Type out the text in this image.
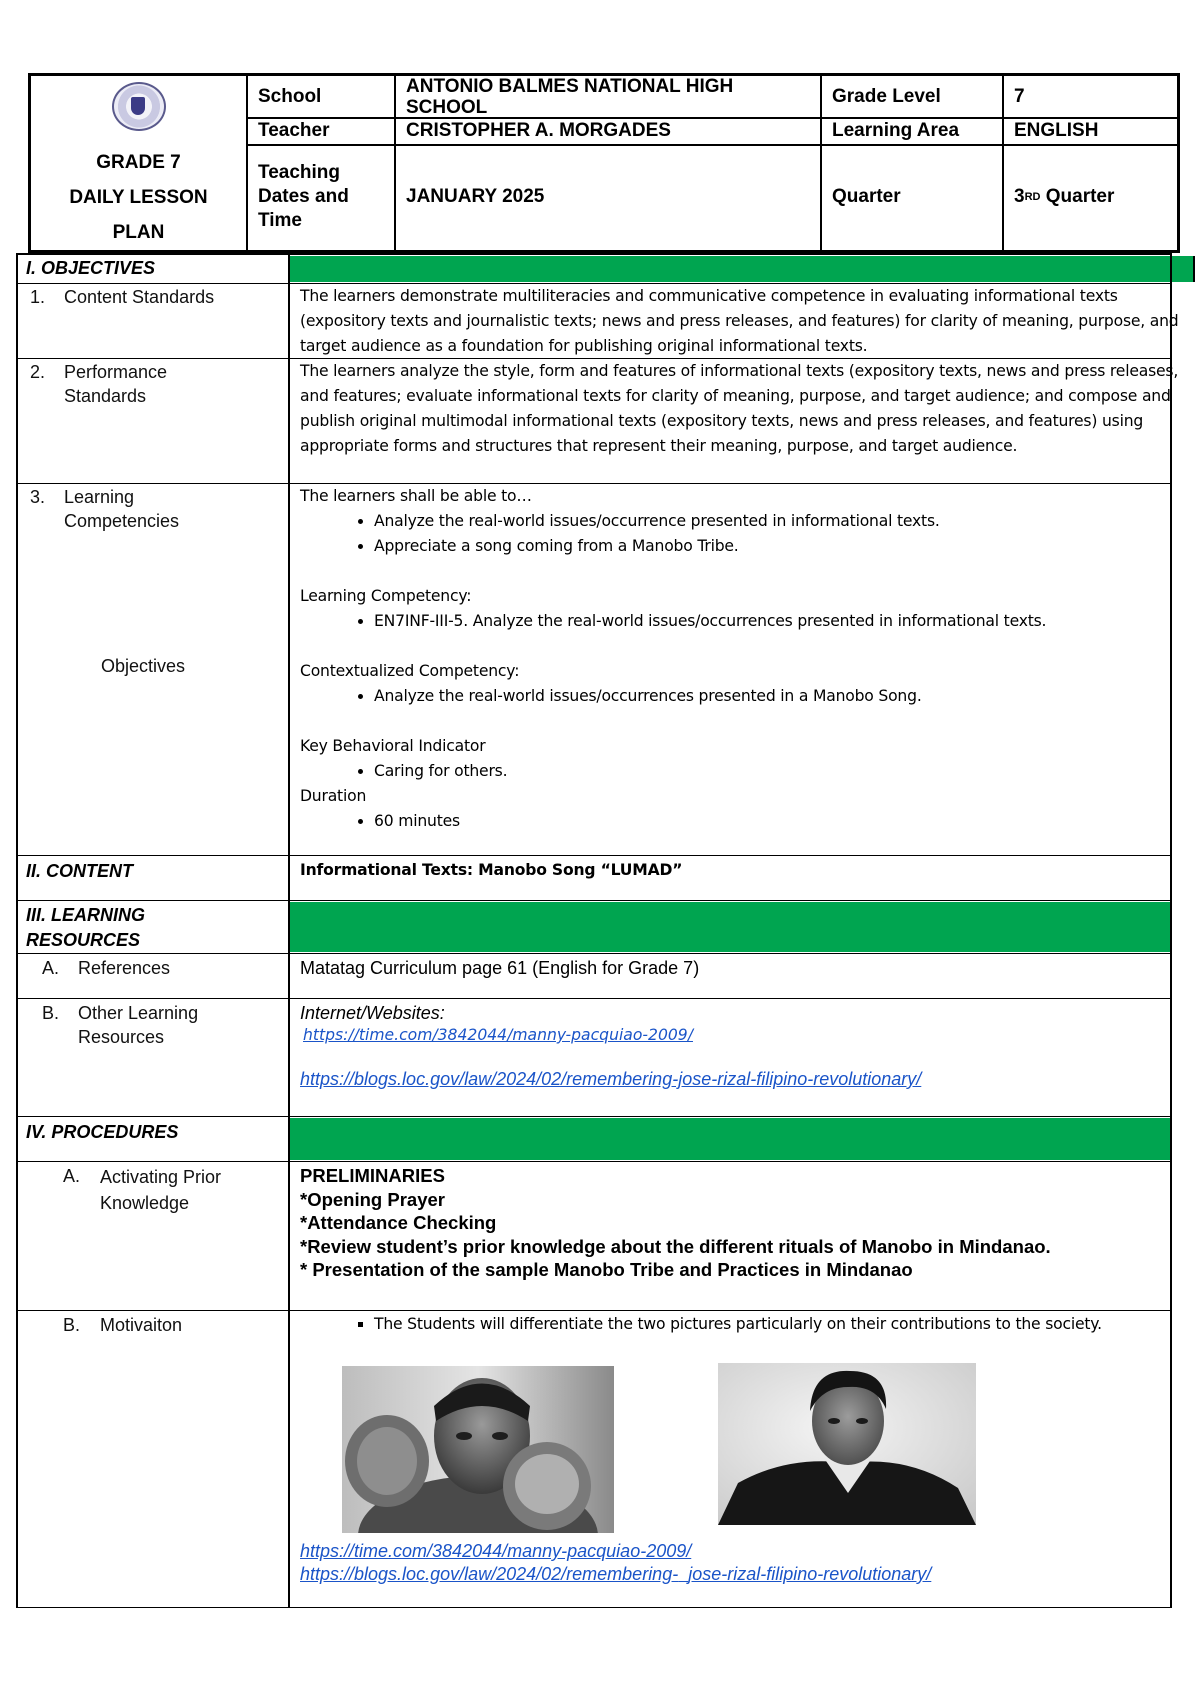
GRADE 7
DAILY LESSON
PLAN
School	ANTONIO BALMES NATIONAL HIGH SCHOOL
Grade Level	7
Teacher	CRISTOPHER A. MORGADES	Learning Area	ENGLISH
Teaching Dates and Time
JANUARY 2025	Quarter	3 RD Quarter
I. OBJECTIVES
1. Content Standards	The learners demonstrate multiliteracies and communicative competence in evaluating informational texts (expository texts and journalistic texts; news and press releases, and features) for clarity of meaning, purpose, and target audience as a foundation for publishing original informational texts.
2. Performance Standards
The learners analyze the style, form and features of informational texts (expository texts, news and press releases, and features; evaluate informational texts for clarity of meaning, purpose, and target audience; and compose and publish original multimodal informational texts (expository texts, news and press releases, and features) using appropriate forms and structures that represent their meaning, purpose, and target audience.
3. Learning Competencies
Objectives
The learners shall be able to…
• Analyze the real-world issues/occurrence presented in informational texts.
• Appreciate a song coming from a Manobo Tribe.
Learning Competency:
• EN7INF-III-5. Analyze the real-world issues/occurrences presented in informational texts.
Contextualized Competency:
• Analyze the real-world issues/occurrences presented in a Manobo Song.
Key Behavioral Indicator
• Caring for others.
Duration
• 60 minutes
II. CONTENT	Informational Texts: Manobo Song “LUMAD”
III. LEARNING RESOURCES
A. References	Matatag Curriculum page 61 (English for Grade 7)
B. Other Learning Resources
Internet/Websites:
https://time.com/3842044/manny-pacquiao-2009/
https://blogs.loc.gov/law/2024/02/remembering-jose-rizal-filipino-revolutionary/
IV. PROCEDURES
A. Activating Prior Knowledge
PRELIMINARIES
*Opening Prayer
*Attendance Checking
*Review student’s prior knowledge about the different rituals of Manobo in Mindanao.
* Presentation of the sample Manobo Tribe and Practices in Mindanao
B. Motivaiton
▪	The Students will differentiate the two pictures particularly on their contributions to the society.
https://time.com/3842044/manny-pacquiao-2009/
https://blogs.loc.gov/law/2024/02/remembering- jose-rizal-filipino-revolutionary/
